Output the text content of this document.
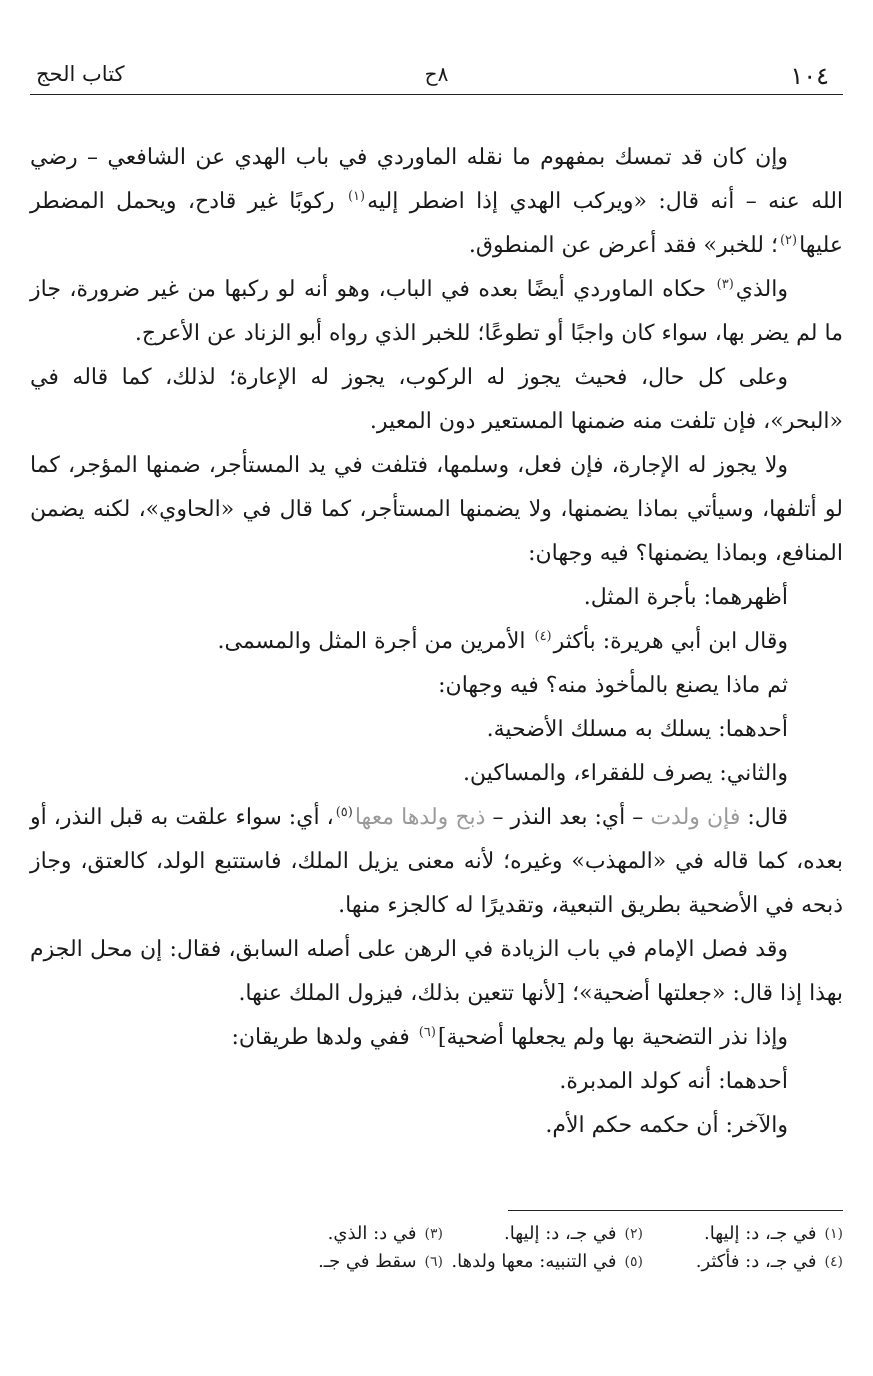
١٠٤
٨ح
كتاب الحج

وإن كان قد تمسك بمفهوم ما نقله الماوردي في باب الهدي عن الشافعي – رضي الله عنه – أنه قال: «ويركب الهدي إذا اضطر إليه$^{(١)}$ ركوبًا غير قادح، ويحمل المضطر عليها$^{(٢)}$؛ للخبر» فقد أعرض عن المنطوق.

والذي$^{(٣)}$ حكاه الماوردي أيضًا بعده في الباب، وهو أنه لو ركبها من غير ضرورة، جاز ما لم يضر بها، سواء كان واجبًا أو تطوعًا؛ للخبر الذي رواه أبو الزناد عن الأعرج.

وعلى كل حال، فحيث يجوز له الركوب، يجوز له الإعارة؛ لذلك، كما قاله في «البحر»، فإن تلفت منه ضمنها المستعير دون المعير.

ولا يجوز له الإجارة، فإن فعل، وسلمها، فتلفت في يد المستأجر، ضمنها المؤجر، كما لو أتلفها، وسيأتي بماذا يضمنها، ولا يضمنها المستأجر، كما قال في «الحاوي»، لكنه يضمن المنافع، وبماذا يضمنها؟ فيه وجهان:

أظهرهما: بأجرة المثل.

وقال ابن أبي هريرة: بأكثر$^{(٤)}$ الأمرين من أجرة المثل والمسمى.

ثم ماذا يصنع بالمأخوذ منه؟ فيه وجهان:

أحدهما: يسلك به مسلك الأضحية.

والثاني: يصرف للفقراء، والمساكين.

قال: فإن ولدت – أي: بعد النذر – ذبح ولدها معها$^{(٥)}$، أي: سواء علقت به قبل النذر، أو بعده، كما قاله في «المهذب» وغيره؛ لأنه معنى يزيل الملك، فاستتبع الولد، كالعتق، وجاز ذبحه في الأضحية بطريق التبعية، وتقديرًا له كالجزء منها.

وقد فصل الإمام في باب الزيادة في الرهن على أصله السابق، فقال: إن محل الجزم بهذا إذا قال: «جعلتها أضحية»؛ [لأنها تتعين بذلك، فيزول الملك عنها.

وإذا نذر التضحية بها ولم يجعلها أضحية]$^{(٦)}$ ففي ولدها طريقان:

أحدهما: أنه كولد المدبرة.

والآخر: أن حكمه حكم الأم.

(١)
في جـ، د: إليها.
(٢)
في جـ، د: إليها.
(٣)
في د: الذي.
(٤)
في جـ، د: فأكثر.
(٥)
في التنبيه: معها ولدها.
(٦)
سقط في جـ.
